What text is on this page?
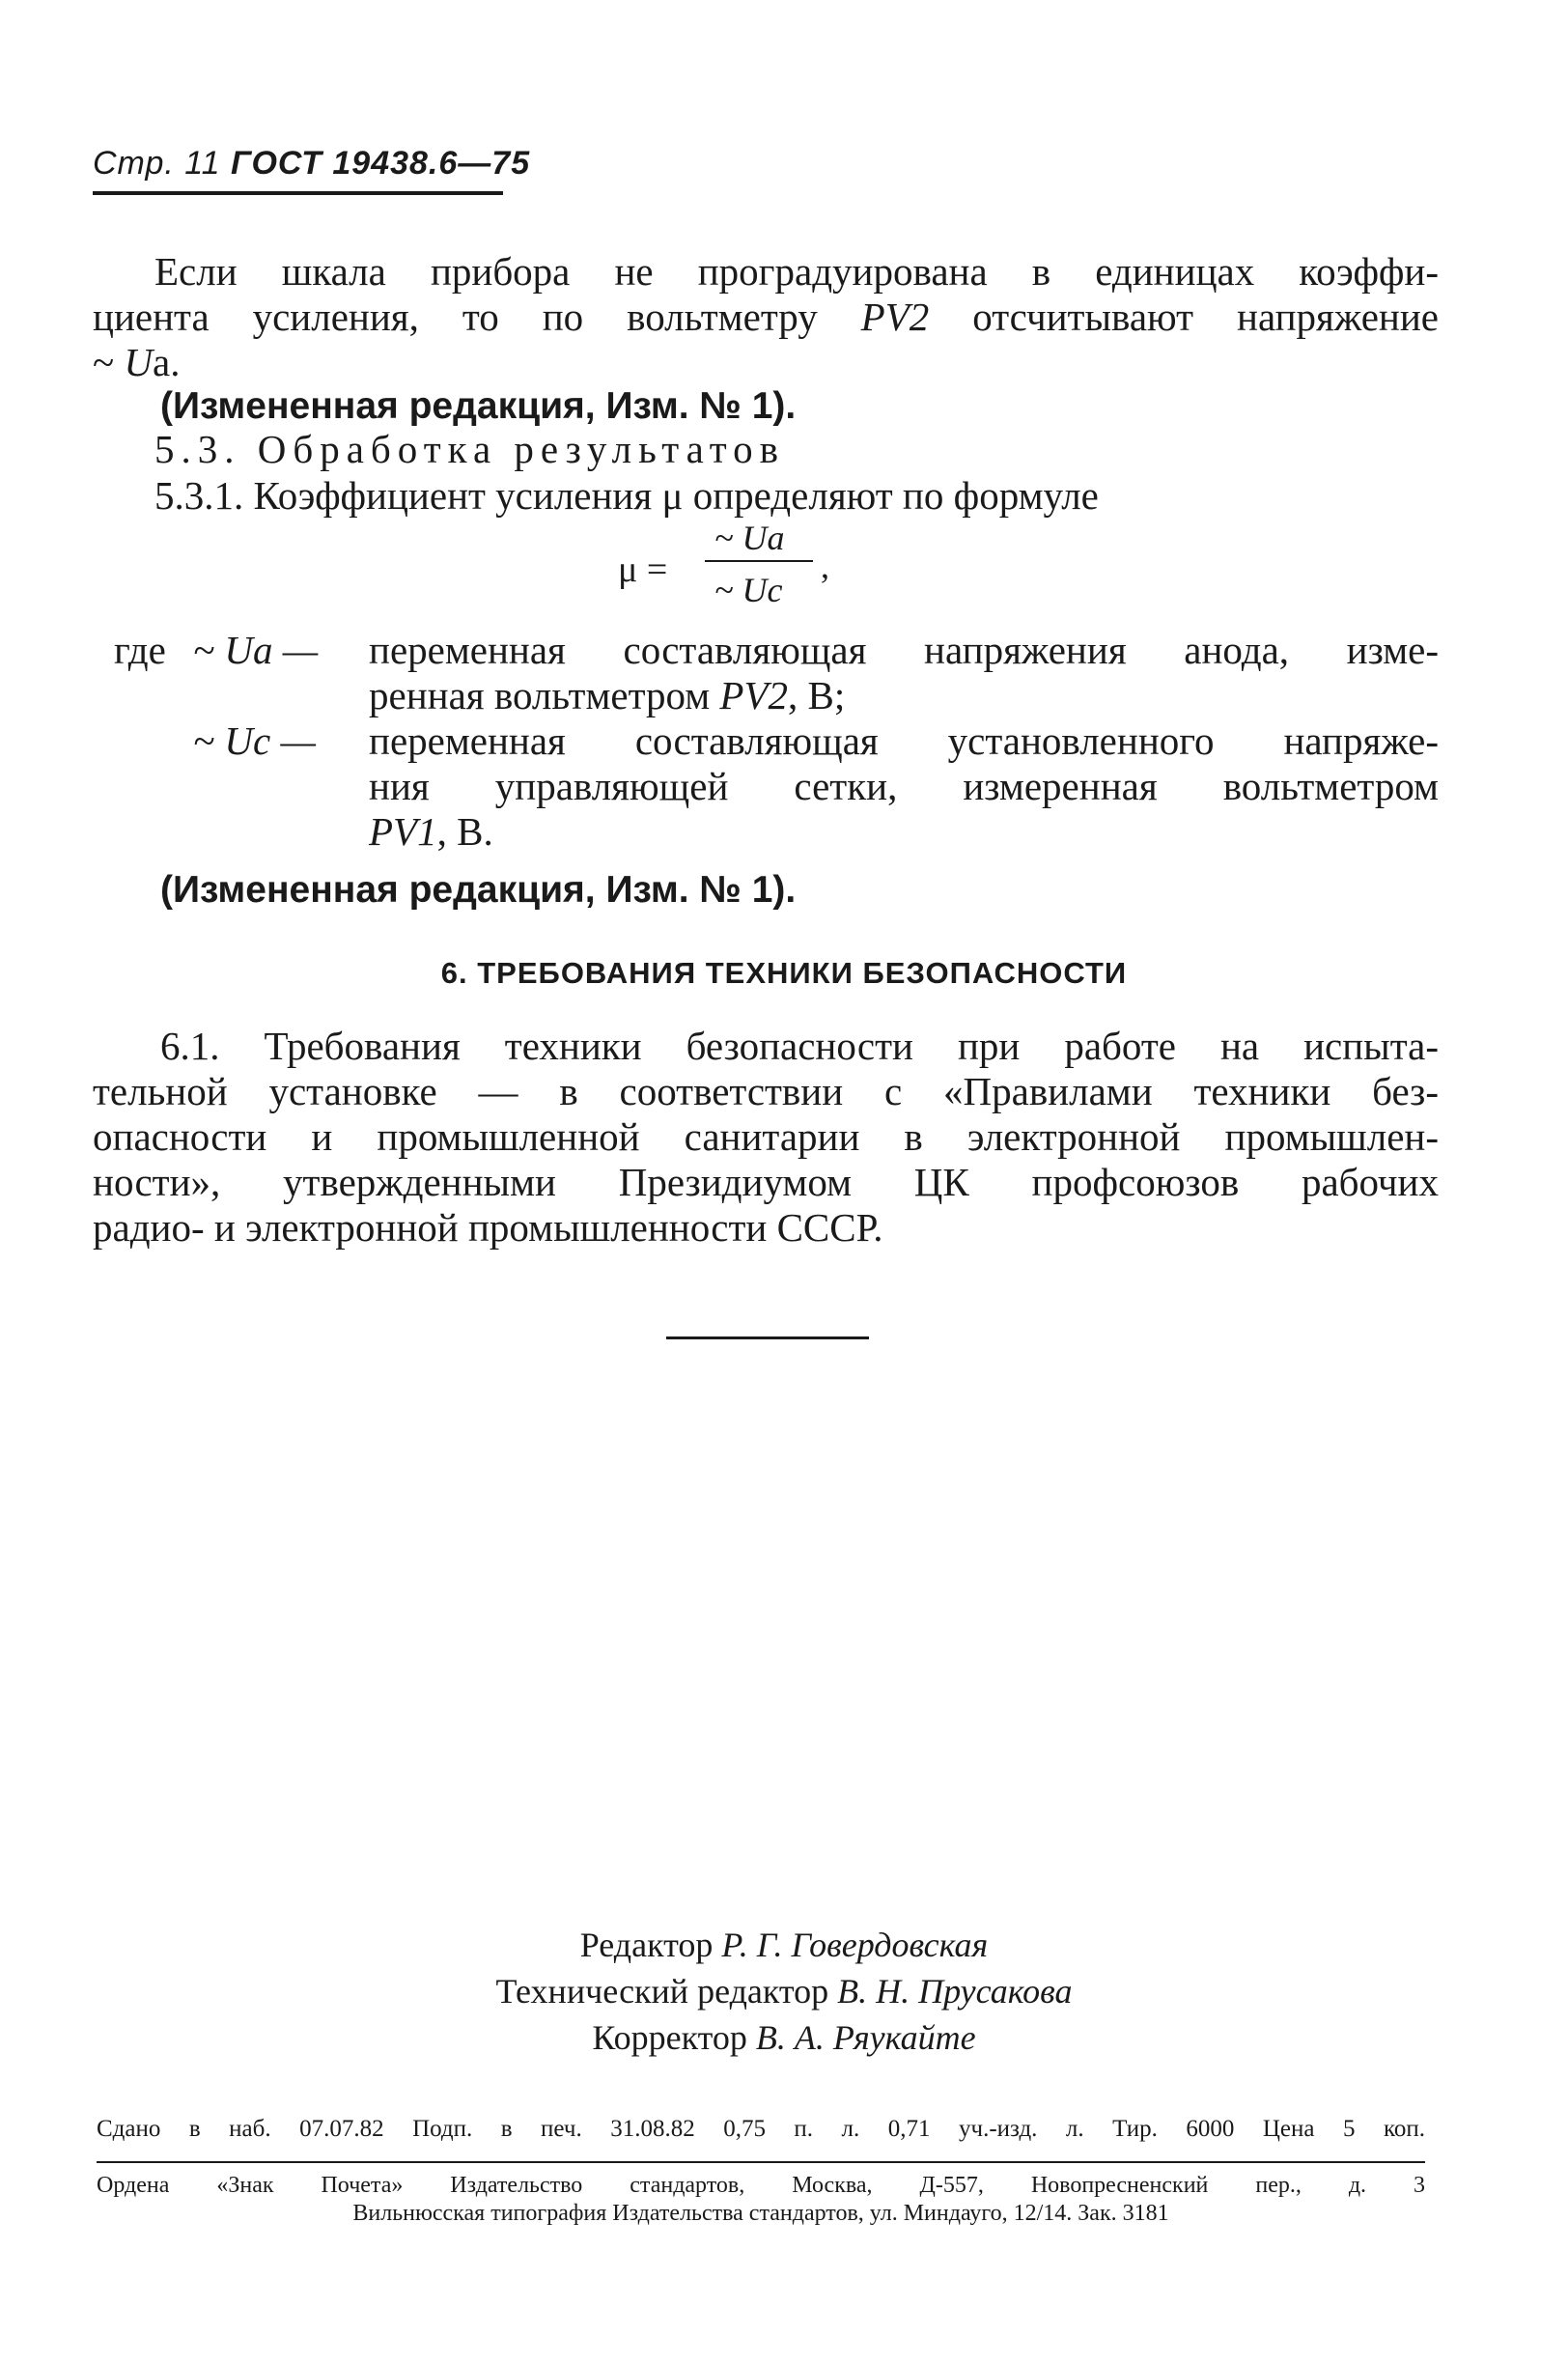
Стр. 11 ГОСТ 19438.6—75
Если шкала прибора не проградуирована в единицах коэффи-
циента усиления, то по вольтметру PV2 отсчитывают напряжение
~ Uа.
(Измененная редакция, Изм. № 1).
5.3. Обработка результатов
5.3.1. Коэффициент усиления μ определяют по формуле
μ =
~ Uа
~ Uс
,
где ~ Uа — переменная составляющая напряжения анода, изме-
ренная вольтметром PV2, В;
~ Uс — переменная составляющая установленного напряже-
ния управляющей сетки, измеренная вольтметром
PV1, В.
(Измененная редакция, Изм. № 1).
6. ТРЕБОВАНИЯ ТЕХНИКИ БЕЗОПАСНОСТИ
6.1. Требования техники безопасности при работе на испыта-
тельной установке — в соответствии с «Правилами техники без-
опасности и промышленной санитарии в электронной промышлен-
ности», утвержденными Президиумом ЦК профсоюзов рабочих
радио- и электронной промышленности СССР.
Редактор Р. Г. Говердовская
Технический редактор В. Н. Прусакова
Корректор В. А. Ряукайте
Сдано в наб. 07.07.82 Подп. в печ. 31.08.82 0,75 п. л. 0,71 уч.-изд. л. Тир. 6000 Цена 5 коп.
Ордена «Знак Почета» Издательство стандартов, Москва, Д-557, Новопресненский пер., д. 3
Вильнюсская типография Издательства стандартов, ул. Миндауго, 12/14. Зак. 3181
